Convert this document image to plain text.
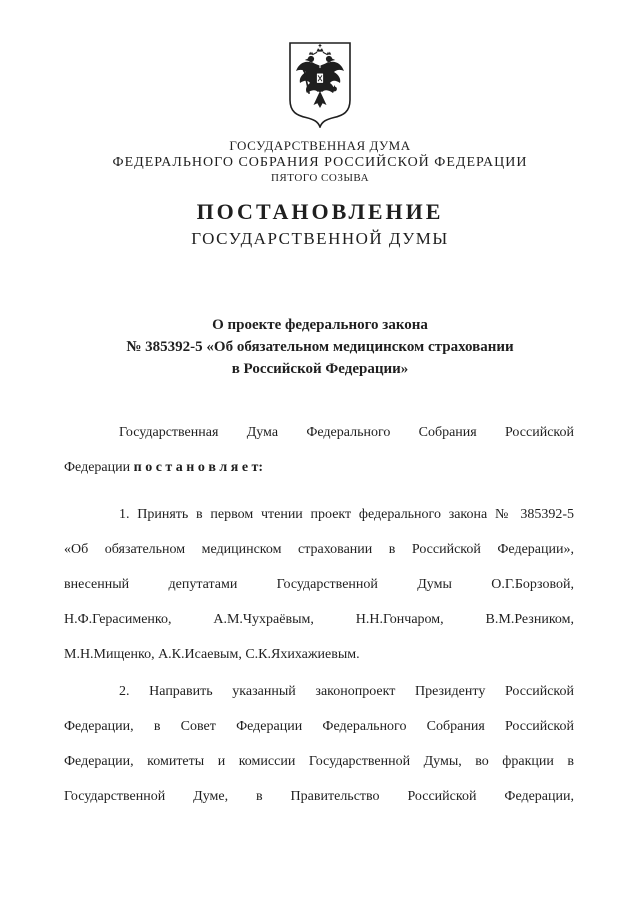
ГОСУДАРСТВЕННАЯ ДУМА
ФЕДЕРАЛЬНОГО СОБРАНИЯ РОССИЙСКОЙ ФЕДЕРАЦИИ
ПЯТОГО СОЗЫВА
ПОСТАНОВЛЕНИЕ
ГОСУДАРСТВЕННОЙ ДУМЫ
О проекте федерального закона
№ 385392-5 «Об обязательном медицинском страховании
в Российской Федерации»
Государственная Дума Федерального Собрания Российской
Федерации п о с т а н о в л я е т:
1. Принять в первом чтении проект федерального закона № 385392-5
«Об обязательном медицинском страховании в Российской Федерации»,
внесенный депутатами Государственной Думы О.Г.Борзовой,
Н.Ф.Герасименко, А.М.Чухраёвым, Н.Н.Гончаром, В.М.Резником,
М.Н.Мищенко, А.К.Исаевым, С.К.Яхихажиевым.
2. Направить указанный законопроект Президенту Российской
Федерации, в Совет Федерации Федерального Собрания Российской
Федерации, комитеты и комиссии Государственной Думы, во фракции в
Государственной Думе, в Правительство Российской Федерации,
